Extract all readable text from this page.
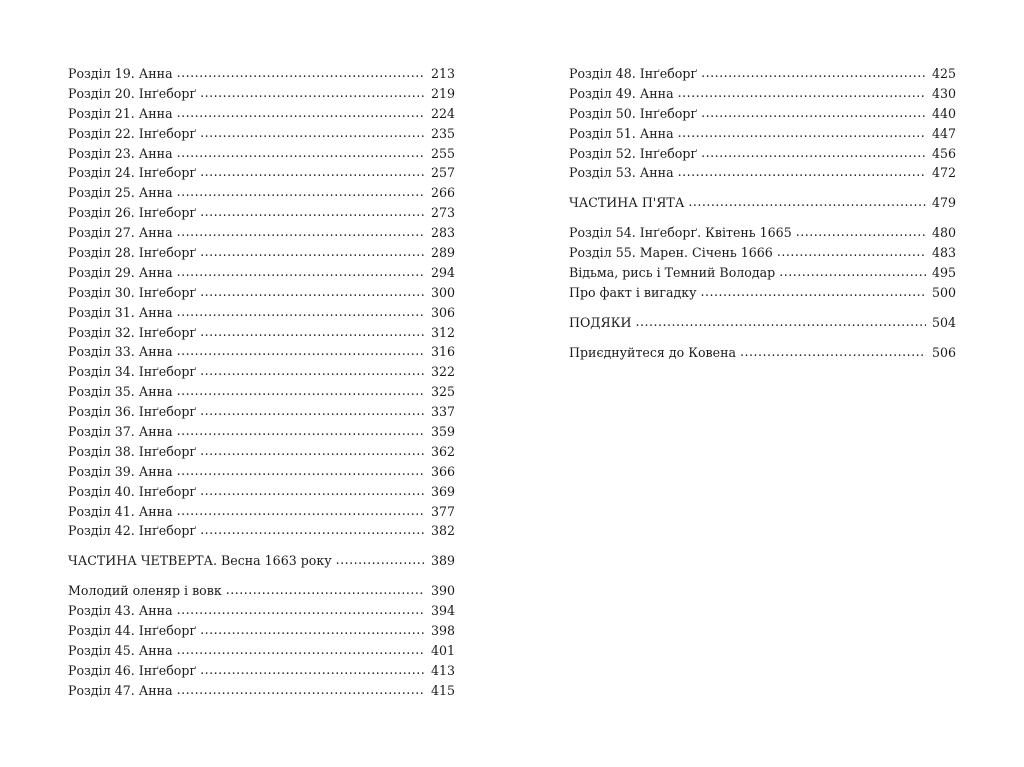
Розділ 19. Анна .....	213
Розділ 20. Інґеборґ .....	219
Розділ 21. Анна .....	224
Розділ 22. Інґеборґ .....	235
Розділ 23. Анна .....	255
Розділ 24. Інґеборґ .....	257
Розділ 25. Анна .....	266
Розділ 26. Інґеборґ .....	273
Розділ 27. Анна .....	283
Розділ 28. Інґеборґ .....	289
Розділ 29. Анна .....	294
Розділ 30. Інґеборґ .....	300
Розділ 31. Анна .....	306
Розділ 32. Інґеборґ .....	312
Розділ 33. Анна .....	316
Розділ 34. Інґеборґ .....	322
Розділ 35. Анна .....	325
Розділ 36. Інґеборґ .....	337
Розділ 37. Анна .....	359
Розділ 38. Інґеборґ .....	362
Розділ 39. Анна .....	366
Розділ 40. Інґеборґ .....	369
Розділ 41. Анна .....	377
Розділ 42. Інґеборґ .....	382
ЧАСТИНА ЧЕТВЕРТА. Весна 1663 року .....	389
Молодий оленяр і вовк .....	390
Розділ 43. Анна .....	394
Розділ 44. Інґеборґ .....	398
Розділ 45. Анна .....	401
Розділ 46. Інґеборґ .....	413
Розділ 47. Анна .....	415
Розділ 48. Інґеборґ .....	425
Розділ 49. Анна .....	430
Розділ 50. Інґеборґ .....	440
Розділ 51. Анна .....	447
Розділ 52. Інґеборґ .....	456
Розділ 53. Анна .....	472
ЧАСТИНА П'ЯТА .....	479
Розділ 54. Інґеборґ. Квітень 1665 .....	480
Розділ 55. Марен. Січень 1666 .....	483
Відьма, рись і Темний Володар .....	495
Про факт і вигадку .....	500
ПОДЯКИ .....	504
Приєднуйтеся до Ковена .....	506
